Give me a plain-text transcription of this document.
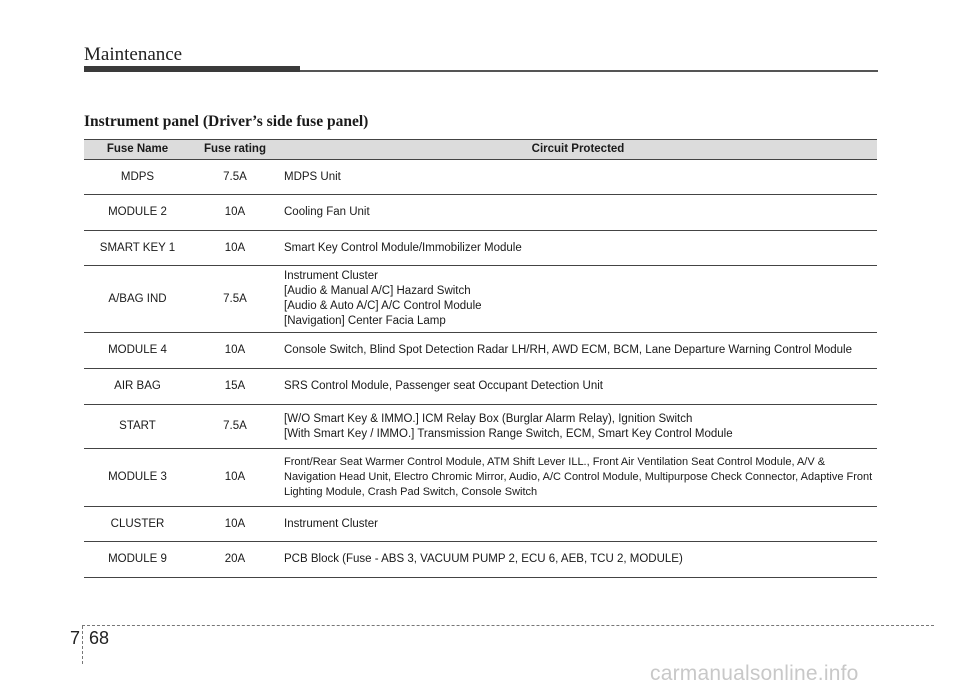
Maintenance
Instrument panel (Driver’s side fuse panel)
Fuse Name	Fuse rating	Circuit Protected
MDPS	7.5A	MDPS Unit

MODULE 2	10A	Cooling Fan Unit

SMART KEY 1	10A	Smart Key Control Module/Immobilizer Module

A/BAG IND	7.5A	Instrument Cluster
[Audio & Manual A/C] Hazard Switch
[Audio & Auto A/C] A/C Control Module
[Navigation] Center Facia Lamp

MODULE 4	10A	Console Switch, Blind Spot Detection Radar LH/RH, AWD ECM, BCM, Lane Departure Warning Control Module

AIR BAG	15A	SRS Control Module, Passenger seat Occupant Detection Unit

START	7.5A	[W/O Smart Key & IMMO.] ICM Relay Box (Burglar Alarm Relay), Ignition Switch
[With Smart Key / IMMO.] Transmission Range Switch, ECM, Smart Key Control Module

MODULE 3	10A	Front/Rear Seat Warmer Control Module, ATM Shift Lever ILL., Front Air Ventilation Seat Control Module, A/V & Navigation Head Unit, Electro Chromic Mirror, Audio, A/C Control Module, Multipurpose Check Connector, Adaptive Front Lighting Module, Crash Pad Switch, Console Switch

CLUSTER	10A	Instrument Cluster

MODULE 9	20A	PCB Block (Fuse - ABS 3, VACUUM PUMP 2, ECU 6, AEB, TCU 2, MODULE)
7 68
carmanualsonline.info
